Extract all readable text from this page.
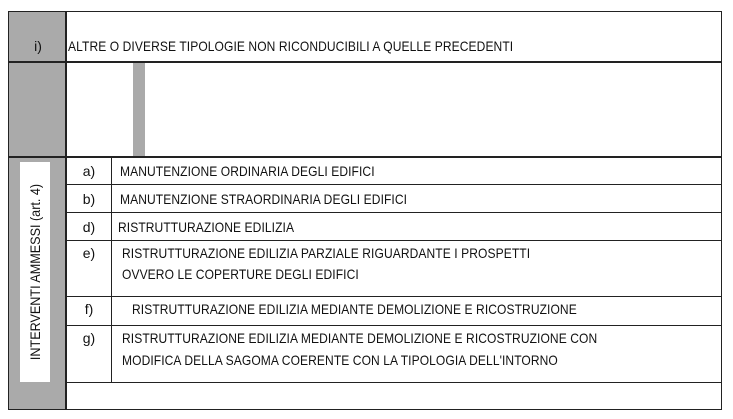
i)	ALTRE O DIVERSE TIPOLOGIE NON RICONDUCIBILI A QUELLE PRECEDENTI
INTERVENTI AMMESSI (art. 4)
a)	MANUTENZIONE ORDINARIA DEGLI EDIFICI
b)	MANUTENZIONE STRAORDINARIA DEGLI EDIFICI
d)	RISTRUTTURAZIONE EDILIZIA
e)	RISTRUTTURAZIONE EDILIZIA PARZIALE RIGUARDANTE I PROSPETTI
OVVERO LE COPERTURE DEGLI EDIFICI
f)	RISTRUTTURAZIONE EDILIZIA MEDIANTE DEMOLIZIONE E RICOSTRUZIONE
g)	RISTRUTTURAZIONE EDILIZIA MEDIANTE DEMOLIZIONE E RICOSTRUZIONE CON
MODIFICA DELLA SAGOMA COERENTE CON LA TIPOLOGIA DELL'INTORNO
